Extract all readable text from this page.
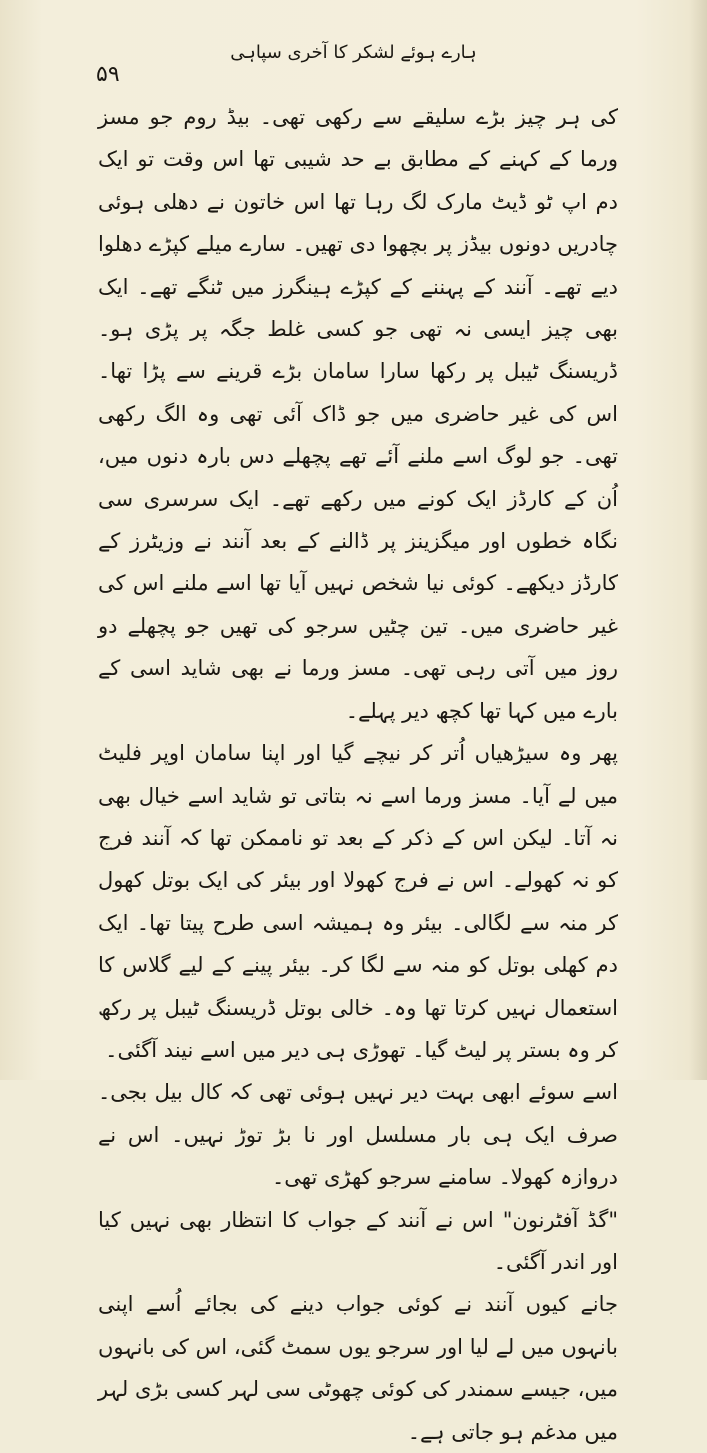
ہارے ہوئے لشکر کا آخری سپاہی
۵۹

کی ہر چیز بڑے سلیقے سے رکھی تھی۔ بیڈ روم جو مسز ورما کے کہنے کے مطابق بے حد شیبی تھا اس وقت تو ایک دم اپ ٹو ڈیٹ مارک لگ رہا تھا اس خاتون نے دھلی ہوئی چادریں دونوں بیڈز پر بچھوا دی تھیں۔ سارے میلے کپڑے دھلوا دیے تھے۔ آنند کے پہننے کے کپڑے ہینگرز میں ٹنگے تھے۔ ایک بھی چیز ایسی نہ تھی جو کسی غلط جگہ پر پڑی ہو۔ ڈریسنگ ٹیبل پر رکھا سارا سامان بڑے قرینے سے پڑا تھا۔ اس کی غیر حاضری میں جو ڈاک آئی تھی وہ الگ رکھی تھی۔ جو لوگ اسے ملنے آئے تھے پچھلے دس بارہ دنوں میں، اُن کے کارڈز ایک کونے میں رکھے تھے۔ ایک سرسری سی نگاہ خطوں اور میگزینز پر ڈالنے کے بعد آنند نے وزیٹرز کے کارڈز دیکھے۔ کوئی نیا شخص نہیں آیا تھا اسے ملنے اس کی غیر حاضری میں۔ تین چٹیں سرجو کی تھیں جو پچھلے دو روز میں آتی رہی تھی۔ مسز ورما نے بھی شاید اسی کے بارے میں کہا تھا کچھ دیر پہلے۔

پھر وہ سیڑھیاں اُتر کر نیچے گیا اور اپنا سامان اوپر فلیٹ میں لے آیا۔ مسز ورما اسے نہ بتاتی تو شاید اسے خیال بھی نہ آتا۔ لیکن اس کے ذکر کے بعد تو ناممکن تھا کہ آنند فرج کو نہ کھولے۔ اس نے فرج کھولا اور بیئر کی ایک بوتل کھول کر منہ سے لگالی۔ بیئر وہ ہمیشہ اسی طرح پیتا تھا۔ ایک دم کھلی بوتل کو منہ سے لگا کر۔ بیئر پینے کے لیے گلاس کا استعمال نہیں کرتا تھا وہ۔ خالی بوتل ڈریسنگ ٹیبل پر رکھ کر وہ بستر پر لیٹ گیا۔ تھوڑی ہی دیر میں اسے نیند آگئی۔

اسے سوئے ابھی بہت دیر نہیں ہوئی تھی کہ کال بیل بجی۔ صرف ایک ہی بار مسلسل اور نا بڑ توڑ نہیں۔ اس نے دروازہ کھولا۔ سامنے سرجو کھڑی تھی۔

"گڈ آفٹرنون" اس نے آنند کے جواب کا انتظار بھی نہیں کیا اور اندر آگئی۔

جانے کیوں آنند نے کوئی جواب دینے کی بجائے اُسے اپنی بانہوں میں لے لیا اور سرجو یوں سمٹ گئی، اس کی بانہوں میں، جیسے سمندر کی کوئی چھوٹی سی لہر کسی بڑی لہر میں مدغم ہو جاتی ہے۔
